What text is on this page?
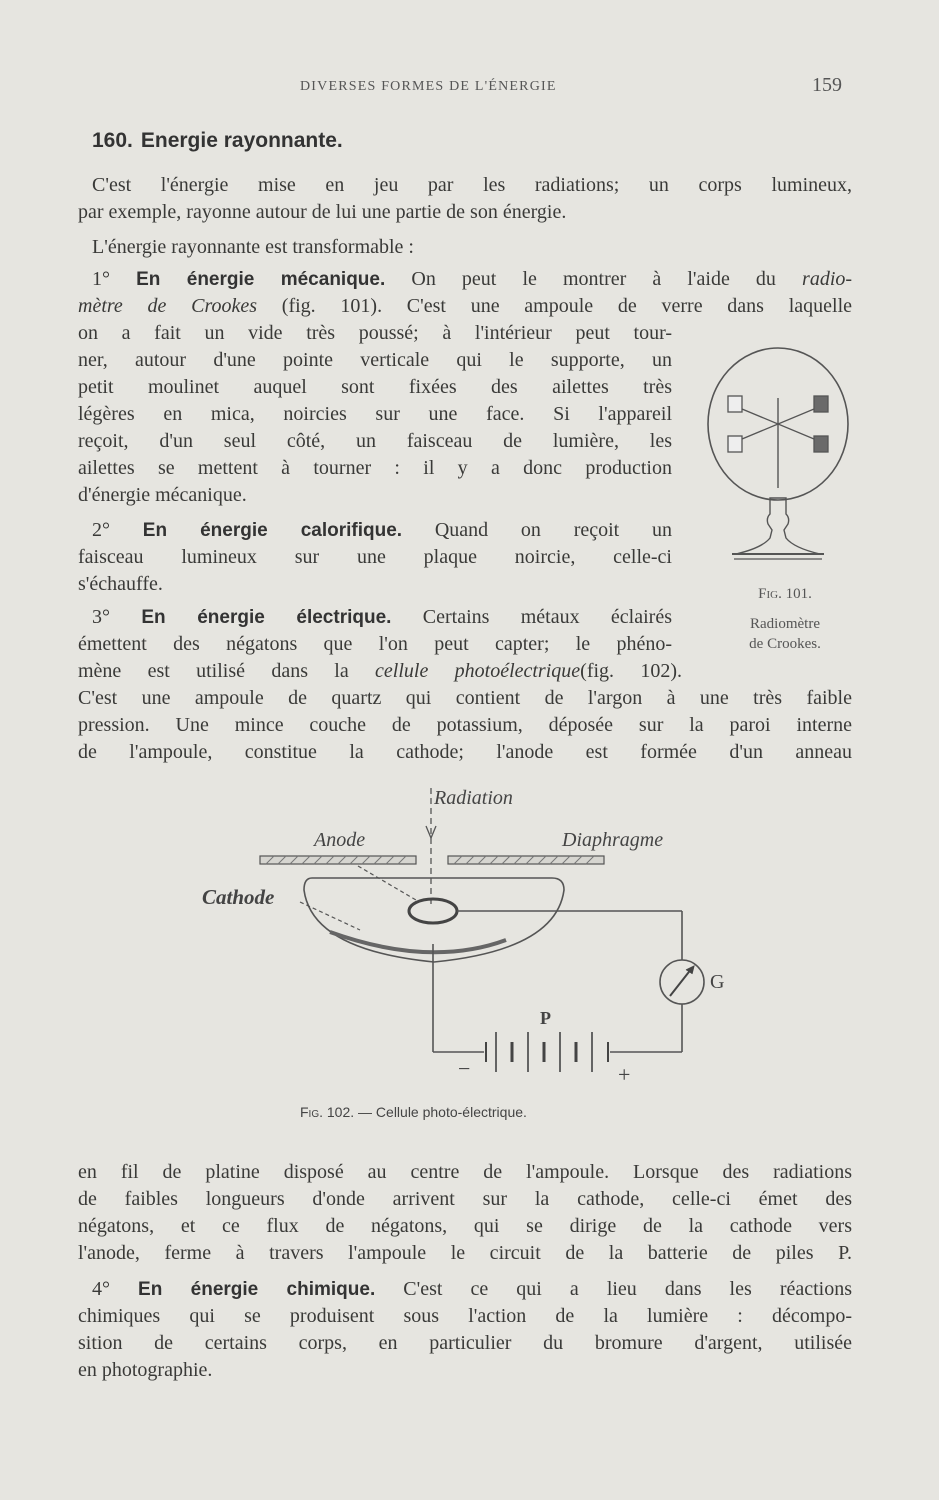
DIVERSES FORMES DE L'ÉNERGIE	159
160. Energie rayonnante.
C'est l'énergie mise en jeu par les radiations; un corps lumineux,
par exemple, rayonne autour de lui une partie de son énergie.
L'énergie rayonnante est transformable :
1° En énergie mécanique. On peut le montrer à l'aide du radio-
mètre de Crookes (fig. 101). C'est une ampoule de verre dans laquelle
on a fait un vide très poussé; à l'intérieur peut tour-
ner, autour d'une pointe verticale qui le supporte, un
petit moulinet auquel sont fixées des ailettes très
légères en mica, noircies sur une face. Si l'appareil
reçoit, d'un seul côté, un faisceau de lumière, les
ailettes se mettent à tourner : il y a donc production
d'énergie mécanique.
2° En énergie calorifique. Quand on reçoit un
faisceau lumineux sur une plaque noircie, celle-ci
s'échauffe.	Fig. 101.
Radiomètre
de Crookes.
3° En énergie électrique. Certains métaux éclairés
émettent des négatons que l'on peut capter; le phéno-
mène est utilisé dans la cellule photoélectrique(fig. 102).
C'est une ampoule de quartz qui contient de l'argon à une très faible
pression. Une mince couche de potassium, déposée sur la paroi interne
de l'ampoule, constitue la cathode; l'anode est formée d'un anneau
Radiation
Anode	Diaphragme
Cathode
G
P
−	+
Fig. 102. — Cellule photo-électrique.
en fil de platine disposé au centre de l'ampoule. Lorsque des radiations
de faibles longueurs d'onde arrivent sur la cathode, celle-ci émet des
négatons, et ce flux de négatons, qui se dirige de la cathode vers
l'anode, ferme à travers l'ampoule le circuit de la batterie de piles P.
4° En énergie chimique. C'est ce qui a lieu dans les réactions
chimiques qui se produisent sous l'action de la lumière : décompo-
sition de certains corps, en particulier du bromure d'argent, utilisée
en photographie.
